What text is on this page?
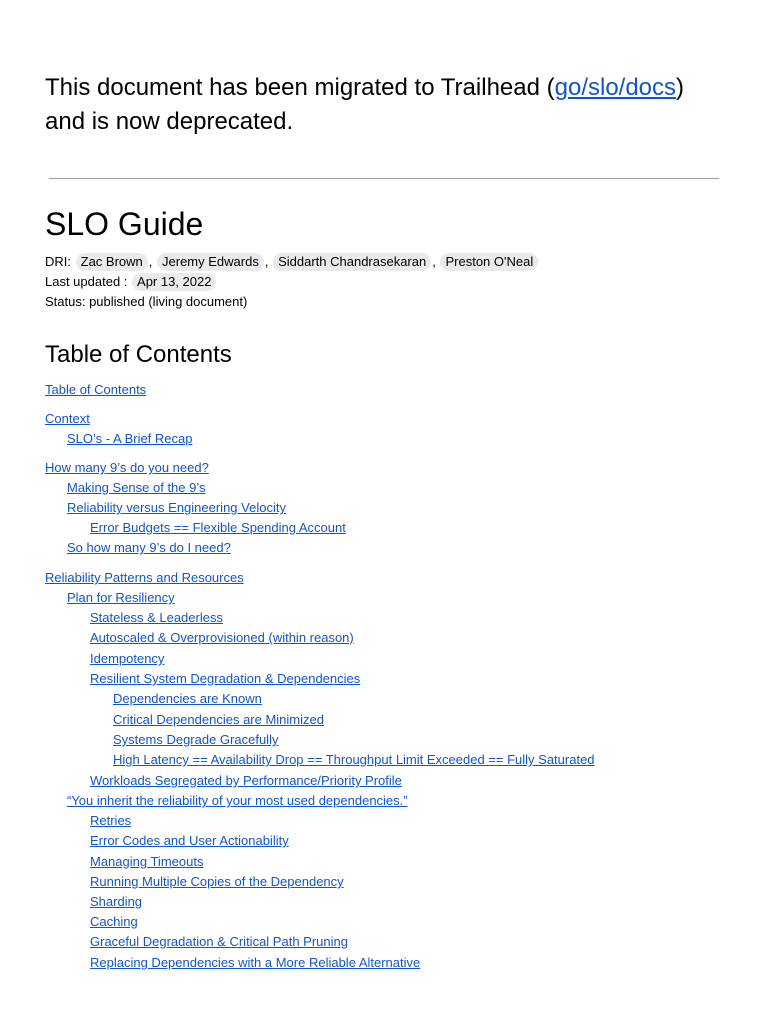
This document has been migrated to Trailhead (go/slo/docs)
and is now deprecated.

SLO Guide
DRI: Zac Brown , Jeremy Edwards , Siddarth Chandrasekaran , Preston O'Neal
Last updated : Apr 13, 2022
Status: published (living document)
Table of Contents
Table of Contents
Context
SLO’s - A Brief Recap
How many 9’s do you need?
Making Sense of the 9’s
Reliability versus Engineering Velocity
Error Budgets == Flexible Spending Account
So how many 9’s do I need?
Reliability Patterns and Resources
Plan for Resiliency
Stateless & Leaderless
Autoscaled & Overprovisioned (within reason)
Idempotency
Resilient System Degradation & Dependencies
Dependencies are Known
Critical Dependencies are Minimized
Systems Degrade Gracefully
High Latency == Availability Drop == Throughput Limit Exceeded == Fully Saturated
Workloads Segregated by Performance/Priority Profile
“You inherit the reliability of your most used dependencies.”
Retries
Error Codes and User Actionability
Managing Timeouts
Running Multiple Copies of the Dependency
Sharding
Caching
Graceful Degradation & Critical Path Pruning
Replacing Dependencies with a More Reliable Alternative
